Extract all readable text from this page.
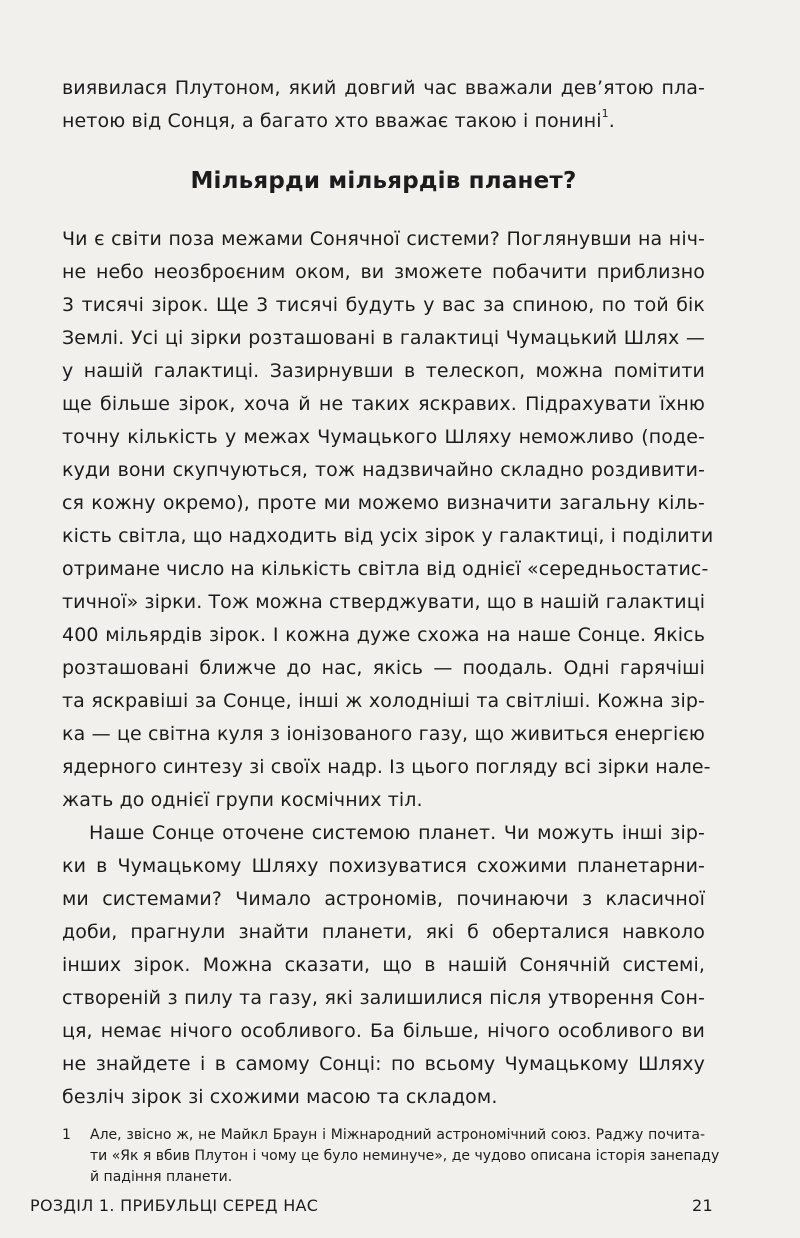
виявилася Плутоном, який довгий час вважали дев’ятою пла-
нетою від Сонця, а багато хто вважає такою і понині$^1$.
Мільярди мільярдів планет?
Чи є світи поза межами Сонячної системи? Поглянувши на ніч-
не небо неозброєним оком, ви зможете побачити приблизно
3 тисячі зірок. Ще 3 тисячі будуть у вас за спиною, по той бік
Землі. Усі ці зірки розташовані в галактиці Чумацький Шлях —
у нашій галактиці. Зазирнувши в телескоп, можна помітити
ще більше зірок, хоча й не таких яскравих. Підрахувати їхню
точну кількість у межах Чумацького Шляху неможливо (поде-
куди вони скупчуються, тож надзвичайно складно роздивити-
ся кожну окремо), проте ми можемо визначити загальну кіль-
кість світла, що надходить від усіх зірок у галактиці, і поділити
отримане число на кількість світла від однієї «середньостатис-
тичної» зірки. Тож можна стверджувати, що в нашій галактиці
400 мільярдів зірок. І кожна дуже схожа на наше Сонце. Якісь
розташовані ближче до нас, якісь — поодаль. Одні гарячіші
та яскравіші за Сонце, інші ж холодніші та світліші. Кожна зір-
ка — це світна куля з іонізованого газу, що живиться енергією
ядерного синтезу зі своїх надр. Із цього погляду всі зірки нале-
жать до однієї групи космічних тіл.
Наше Сонце оточене системою планет. Чи можуть інші зір-
ки в Чумацькому Шляху похизуватися схожими планетарни-
ми системами? Чимало астрономів, починаючи з класичної
доби, прагнули знайти планети, які б оберталися навколо
інших зірок. Можна сказати, що в нашій Сонячній системі,
створеній з пилу та газу, які залишилися після утворення Сон-
ця, немає нічого особливого. Ба більше, нічого особливого ви
не знайдете і в самому Сонці: по всьому Чумацькому Шляху
безліч зірок зі схожими масою та складом.
1 Але, звісно ж, не Майкл Браун і Міжнародний астрономічний союз. Раджу почита-
ти «Як я вбив Плутон і чому це було неминуче», де чудово описана історія занепаду
й падіння планети.
РОЗДІЛ 1. ПРИБУЛЬЦІ СЕРЕД НАС	21
